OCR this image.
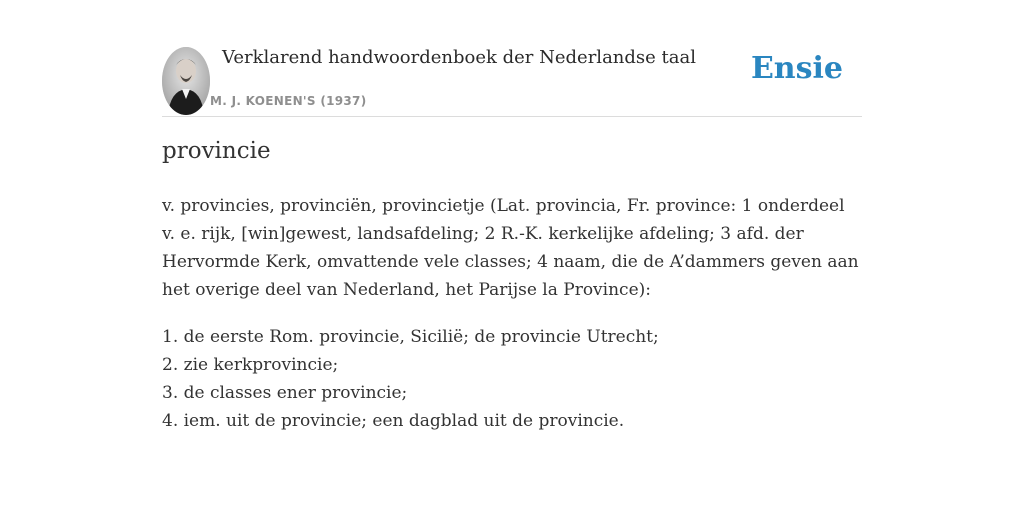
Verklarend handwoordenboek der Nederlandse taal
M. J. KOENEN'S (1937)
Ensie
provincie

v. provincies, provinciën, provincietje (Lat. provincia, Fr. province: 1 onderdeel v. e. rijk, [win]gewest, landsafdeling; 2 R.-K. kerkelijke afdeling; 3 afd. der Hervormde Kerk, omvattende vele classes; 4 naam, die de A’dammers geven aan het overige deel van Nederland, het Parijse la Province):

1. de eerste Rom. provincie, Sicilië; de provincie Utrecht;
2. zie kerkprovincie;
3. de classes ener provincie;
4. iem. uit de provincie; een dagblad uit de provincie.
